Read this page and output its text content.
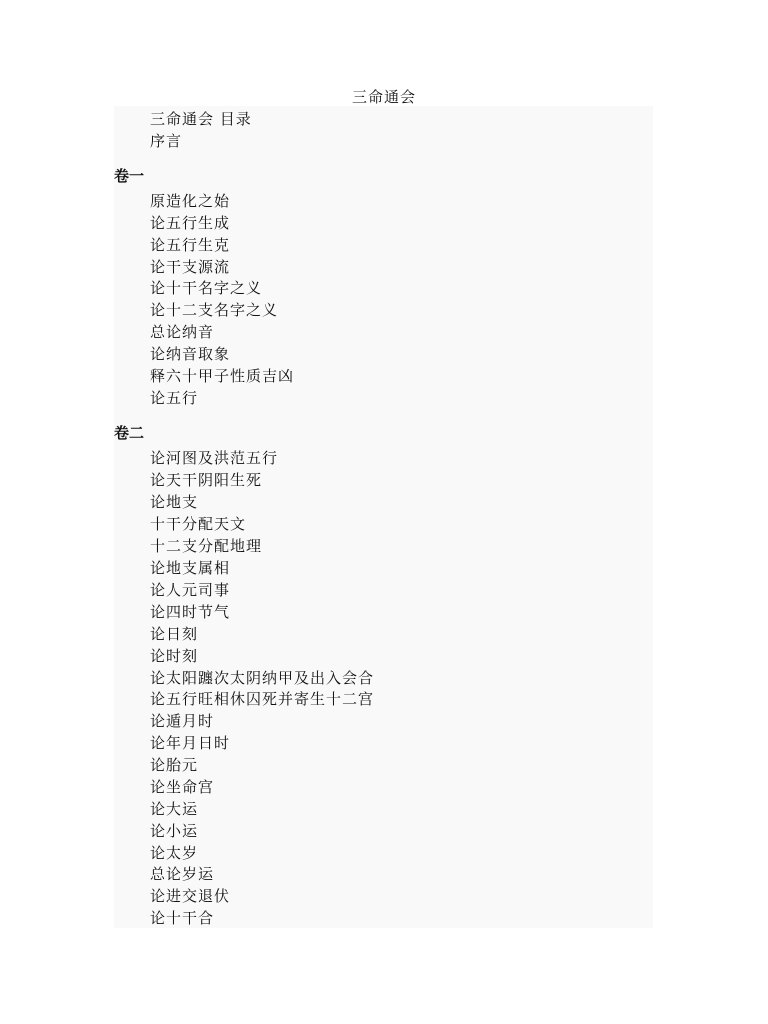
三命通会
三命通会 目录
序言
卷一
原造化之始
论五行生成
论五行生克
论干支源流
论十干名字之义
论十二支名字之义
总论纳音
论纳音取象
释六十甲子性质吉凶
论五行
卷二
论河图及洪范五行
论天干阴阳生死
论地支
十干分配天文
十二支分配地理
论地支属相
论人元司事
论四时节气
论日刻
论时刻
论太阳躔次太阴纳甲及出入会合
论五行旺相休囚死并寄生十二宫
论遁月时
论年月日时
论胎元
论坐命宫
论大运
论小运
论太岁
总论岁运
论进交退伏
论十干合
